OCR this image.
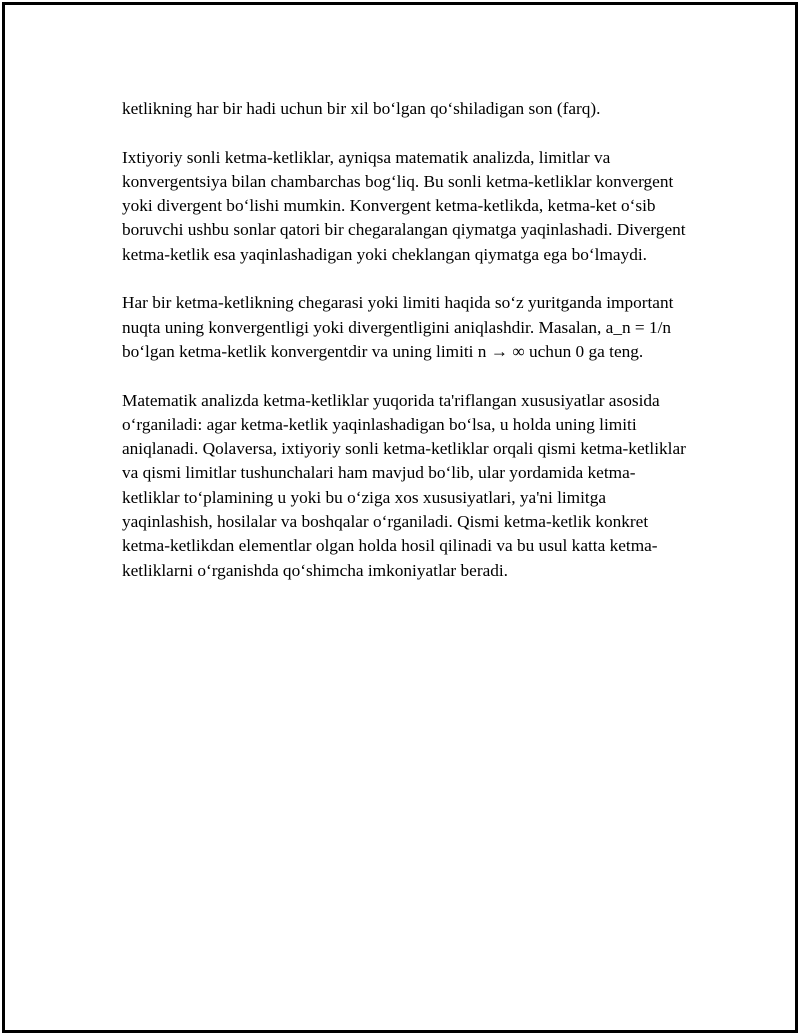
ketlikning har bir hadi uchun bir xil bo‘lgan qo‘shiladigan son (farq).

Ixtiyoriy sonli ketma-ketliklar, ayniqsa matematik analizda, limitlar va konvergentsiya bilan chambarchas bog‘liq. Bu sonli ketma-ketliklar konvergent yoki divergent bo‘lishi mumkin. Konvergent ketma-ketlikda, ketma-ket o‘sib boruvchi ushbu sonlar qatori bir chegaralangan qiymatga yaqinlashadi. Divergent ketma-ketlik esa yaqinlashadigan yoki cheklangan qiymatga ega bo‘lmaydi.

Har bir ketma-ketlikning chegarasi yoki limiti haqida so‘z yuritganda important nuqta uning konvergentligi yoki divergentligini aniqlashdir. Masalan, a_n = 1/n bo‘lgan ketma-ketlik konvergentdir va uning limiti n → ∞ uchun 0 ga teng.

Matematik analizda ketma-ketliklar yuqorida ta'riflangan xususiyatlar asosida o‘rganiladi: agar ketma-ketlik yaqinlashadigan bo‘lsa, u holda uning limiti aniqlanadi. Qolaversa, ixtiyoriy sonli ketma-ketliklar orqali qismi ketma-ketliklar va qismi limitlar tushunchalari ham mavjud bo‘lib, ular yordamida ketma-ketliklar to‘plamining u yoki bu o‘ziga xos xususiyatlari, ya'ni limitga yaqinlashish, hosilalar va boshqalar o‘rganiladi. Qismi ketma-ketlik konkret ketma-ketlikdan elementlar olgan holda hosil qilinadi va bu usul katta ketma-ketliklarni o‘rganishda qo‘shimcha imkoniyatlar beradi.
